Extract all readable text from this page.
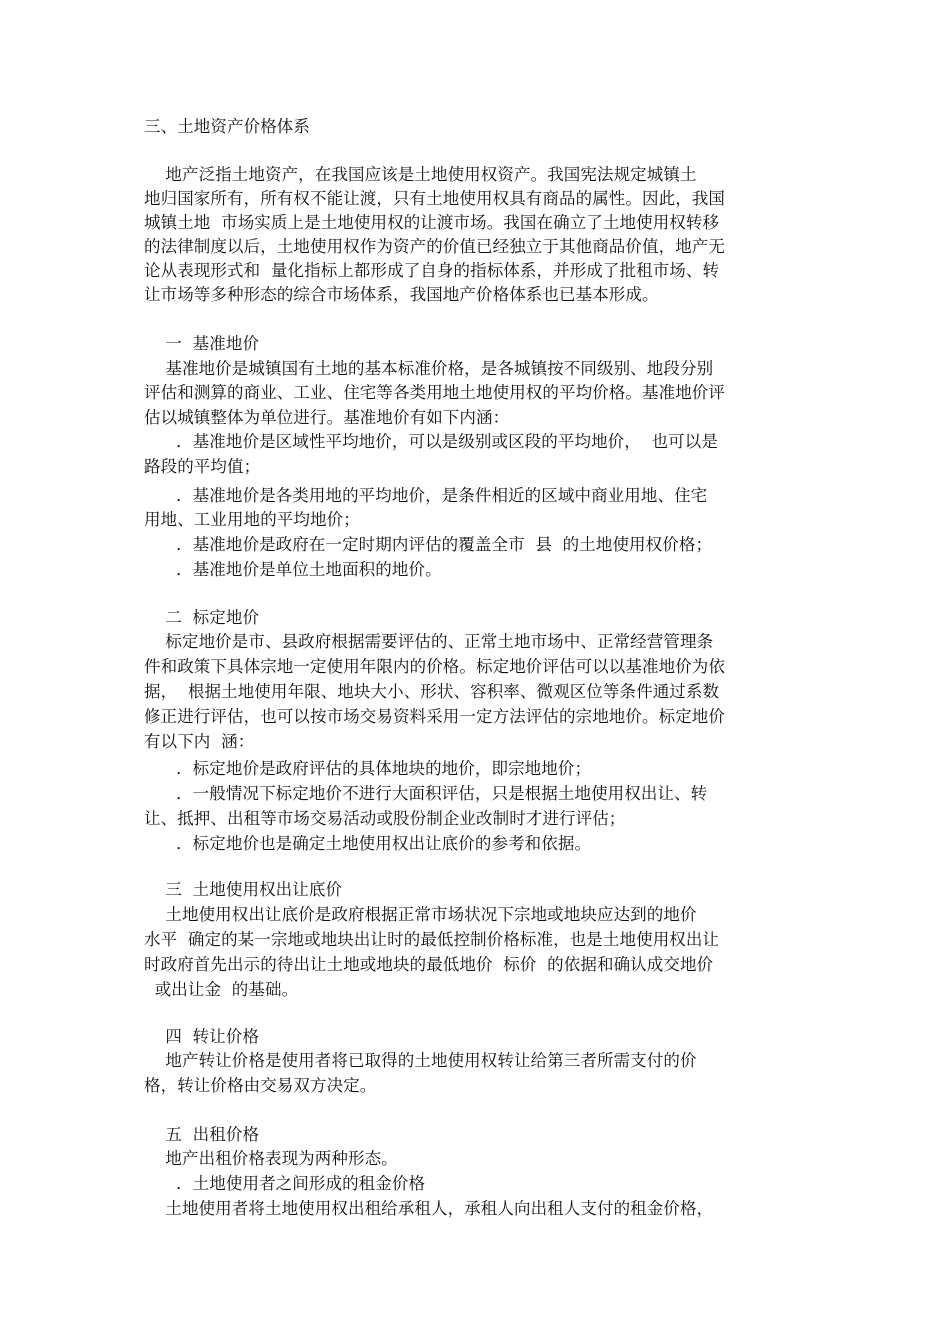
三、土地资产价格体系
地产泛指土地资产，在我国应该是土地使用权资产。我国宪法规定城镇土
地归国家所有，所有权不能让渡，只有土地使用权具有商品的属性。因此，我国
城镇土地  市场实质上是土地使用权的让渡市场。我国在确立了土地使用权转移
的法律制度以后，土地使用权作为资产的价值已经独立于其他商品价值，地产无
论从表现形式和  量化指标上都形成了自身的指标体系，并形成了批租市场、转
让市场等多种形态的综合市场体系，我国地产价格体系也已基本形成。
一  基准地价
基准地价是城镇国有土地的基本标准价格，是各城镇按不同级别、地段分别
评估和测算的商业、工业、住宅等各类用地土地使用权的平均价格。基准地价评
估以城镇整体为单位进行。基准地价有如下内涵：
．基准地价是区域性平均地价，可以是级别或区段的平均地价，  也可以是
路段的平均值；
．基准地价是各类用地的平均地价，是条件相近的区域中商业用地、住宅
用地、工业用地的平均地价；
．基准地价是政府在一定时期内评估的覆盖全市  县  的土地使用权价格；
．基准地价是单位土地面积的地价。
二  标定地价
标定地价是市、县政府根据需要评估的、正常土地市场中、正常经营管理条
件和政策下具体宗地一定使用年限内的价格。标定地价评估可以以基准地价为依
据，  根据土地使用年限、地块大小、形状、容积率、微观区位等条件通过系数
修正进行评估，也可以按市场交易资料采用一定方法评估的宗地地价。标定地价
有以下内  涵：
．标定地价是政府评估的具体地块的地价，即宗地地价；
．一般情况下标定地价不进行大面积评估，只是根据土地使用权出让、转
让、抵押、出租等市场交易活动或股份制企业改制时才进行评估；
．标定地价也是确定土地使用权出让底价的参考和依据。
三  土地使用权出让底价
土地使用权出让底价是政府根据正常市场状况下宗地或地块应达到的地价
水平  确定的某一宗地或地块出让时的最低控制价格标准，也是土地使用权出让
时政府首先出示的待出让土地或地块的最低地价  标价  的依据和确认成交地价
或出让金  的基础。
四  转让价格
地产转让价格是使用者将已取得的土地使用权转让给第三者所需支付的价
格，转让价格由交易双方决定。
五  出租价格
地产出租价格表现为两种形态。
．土地使用者之间形成的租金价格
土地使用者将土地使用权出租给承租人，承租人向出租人支付的租金价格，
